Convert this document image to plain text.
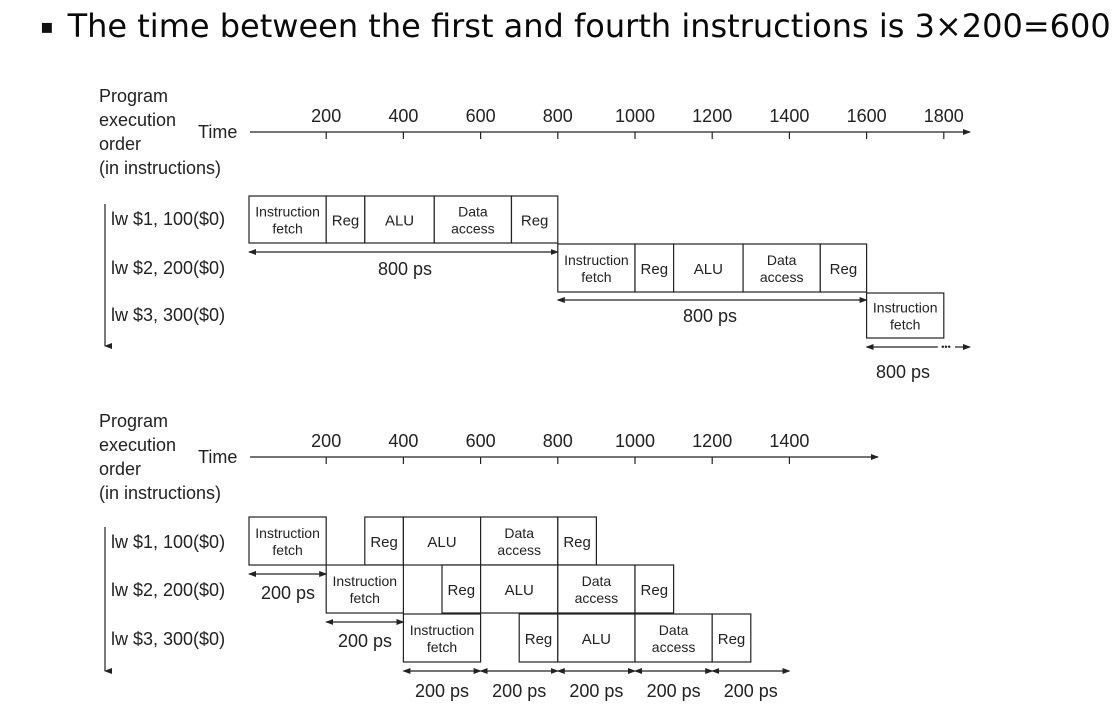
▪ The time between the first and fourth instructions is 3×200=600
Program
execution
order
(in instructions)
Time
200	400	600	800 1000 1200 1400 1600 1800
lw $1, 100($0)
lw $2, 200($0)
lw $3, 300($0)
Instruction
fetch Reg ALU
Data
access Reg
Instruction
fetch Reg ALU
Data
access Reg
Instruction
fetch
800 ps
800 ps
•••
800 ps
Program
execution
order
(in instructions)
Time
200	400	600	800 1000 1200 1400
lw $1, 100($0)
lw $2, 200($0)
lw $3, 300($0)
Instruction
fetch	Reg ALU
Data
access Reg
Instruction
fetch	Reg ALU
Data
access Reg
Instruction
fetch	Reg ALU
Data
access Reg
200 ps
200 ps
200 ps 200 ps 200 ps 200 ps 200 ps
